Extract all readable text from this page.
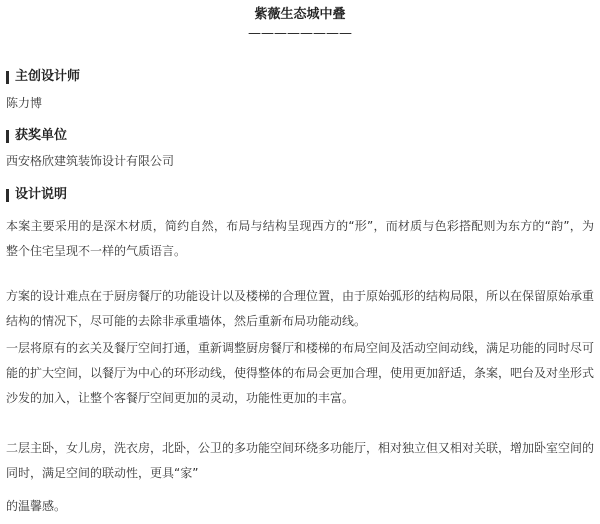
紫薇生态城中叠
————————
主创设计师
陈力博
获奖单位
西安格欣建筑装饰设计有限公司
设计说明

本案主要采用的是深木材质，简约自然，布局与结构呈现西方的“形”，而材质与色彩搭配则为东方的“韵”，为整个住宅呈现不一样的气质语言。

方案的设计难点在于厨房餐厅的功能设计以及楼梯的合理位置，由于原始弧形的结构局限，所以在保留原始承重结构的情况下，尽可能的去除非承重墙体，然后重新布局功能动线。

一层将原有的玄关及餐厅空间打通，重新调整厨房餐厅和楼梯的布局空间及活动空间动线，满足功能的同时尽可能的扩大空间，以餐厅为中心的环形动线，使得整体的布局会更加合理，使用更加舒适，条案，吧台及对坐形式沙发的加入，让整个客餐厅空间更加的灵动，功能性更加的丰富。

二层主卧，女儿房，洗衣房，北卧，公卫的多功能空间环绕多功能厅，相对独立但又相对关联，增加卧室空间的同时，满足空间的联动性，更具“家”

的温馨感。
